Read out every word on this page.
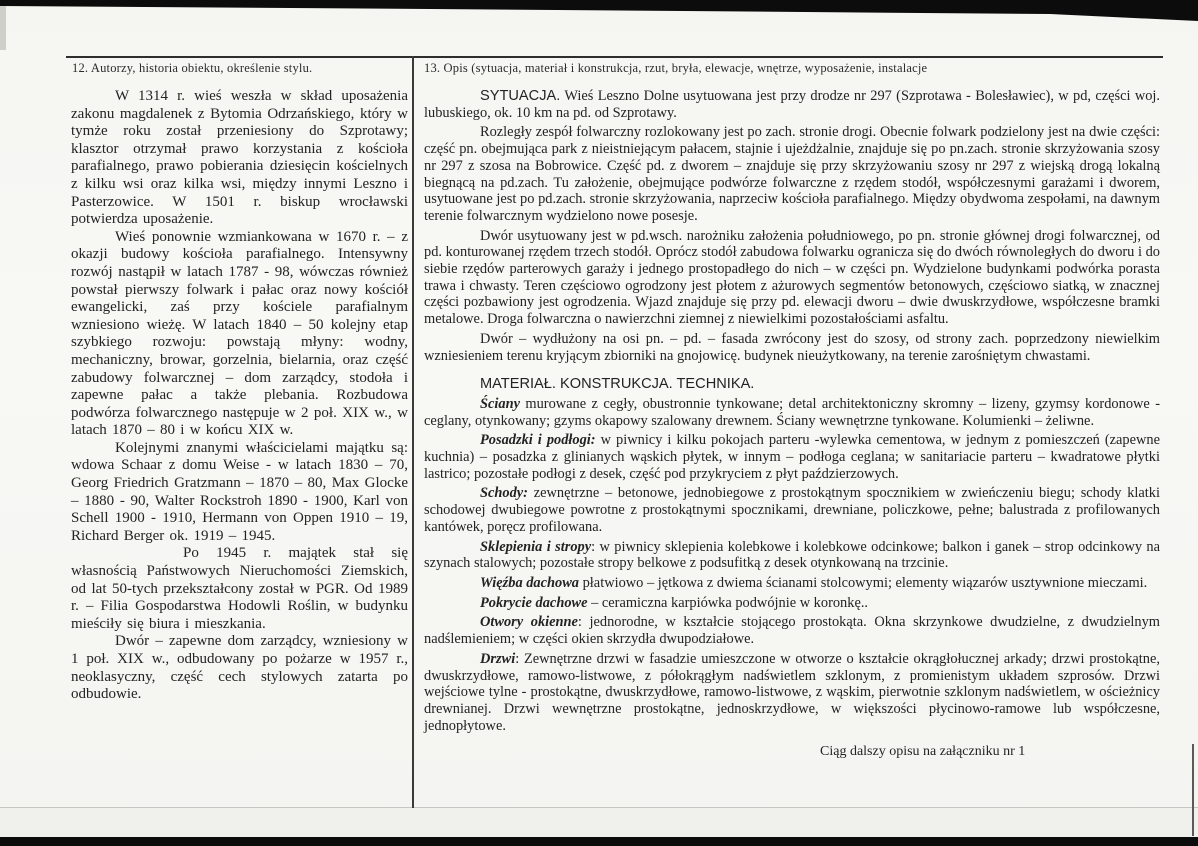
12. Autorzy, historia obiektu, określenie stylu.	13. Opis (sytuacja, materiał i konstrukcja, rzut, bryła, elewacje, wnętrze, wyposażenie, instalacje

W 1314 r. wieś weszła w skład uposażenia zakonu magdalenek z Bytomia Odrzańskiego, który w tymże roku został przeniesiony do Szprotawy; klasztor otrzymał prawo korzystania z kościoła parafialnego, prawo pobierania dziesięcin kościelnych z kilku wsi oraz kilka wsi, między innymi Leszno i Pasterzowice. W 1501 r. biskup wrocławski potwierdza uposażenie.

Wieś ponownie wzmiankowana w 1670 r. – z okazji budowy kościoła parafialnego. Intensywny rozwój nastąpił w latach 1787 - 98, wówczas również powstał pierwszy folwark i pałac oraz nowy kościół ewangelicki, zaś przy kościele parafialnym wzniesiono wieżę. W latach 1840 – 50 kolejny etap szybkiego rozwoju: powstają młyny: wodny, mechaniczny, browar, gorzelnia, bielarnia, oraz część zabudowy folwarcznej – dom zarządcy, stodoła i zapewne pałac a także plebania. Rozbudowa podwórza folwarcznego następuje w 2 poł. XIX w., w latach 1870 – 80 i w końcu XIX w.

Kolejnymi znanymi właścicielami majątku są: wdowa Schaar z domu Weise - w latach 1830 – 70, Georg Friedrich Gratzmann – 1870 – 80, Max Glocke – 1880 - 90, Walter Rockstroh 1890 - 1900, Karl von Schell 1900 - 1910, Hermann von Oppen 1910 – 19, Richard Berger ok. 1919 – 1945.

Po 1945 r. majątek stał się własnością Państwowych Nieruchomości Ziemskich, od lat 50-tych przekształcony został w PGR. Od 1989 r. – Filia Gospodarstwa Hodowli Roślin, w budynku mieściły się biura i mieszkania.

Dwór – zapewne dom zarządcy, wzniesiony w 1 poł. XIX w., odbudowany po pożarze w 1957 r., neoklasyczny, część cech stylowych zatarta po odbudowie.

SYTUACJA. Wieś Leszno Dolne usytuowana jest przy drodze nr 297 (Szprotawa - Bolesławiec), w pd, części woj. lubuskiego, ok. 10 km na pd. od Szprotawy.

Rozległy zespół folwarczny rozlokowany jest po zach. stronie drogi. Obecnie folwark podzielony jest na dwie części: część pn. obejmująca park z nieistniejącym pałacem, stajnie i ujeżdżalnie, znajduje się po pn.zach. stronie skrzyżowania szosy nr 297 z szosa na Bobrowice. Część pd. z dworem – znajduje się przy skrzyżowaniu szosy nr 297 z wiejską drogą lokalną biegnącą na pd.zach. Tu założenie, obejmujące podwórze folwarczne z rzędem stodół, współczesnymi garażami i dworem, usytuowane jest po pd.zach. stronie skrzyżowania, naprzeciw kościoła parafialnego. Między obydwoma zespołami, na dawnym terenie folwarcznym wydzielono nowe posesje.

Dwór usytuowany jest w pd.wsch. narożniku założenia południowego, po pn. stronie głównej drogi folwarcznej, od pd. konturowanej rzędem trzech stodół. Oprócz stodół zabudowa folwarku ogranicza się do dwóch równoległych do dworu i do siebie rzędów parterowych garaży i jednego prostopadłego do nich – w części pn. Wydzielone budynkami podwórka porasta trawa i chwasty. Teren częściowo ogrodzony jest płotem z ażurowych segmentów betonowych, częściowo siatką, w znacznej części pozbawiony jest ogrodzenia. Wjazd znajduje się przy pd. elewacji dworu – dwie dwuskrzydłowe, współczesne bramki metalowe. Droga folwarczna o nawierzchni ziemnej z niewielkimi pozostałościami asfaltu.

Dwór – wydłużony na osi pn. – pd. – fasada zwrócony jest do szosy, od strony zach. poprzedzony niewielkim wzniesieniem terenu kryjącym zbiorniki na gnojowicę. budynek nieużytkowany, na terenie zarośniętym chwastami.

MATERIAŁ. KONSTRUKCJA. TECHNIKA.

Ściany murowane z cegły, obustronnie tynkowane; detal architektoniczny skromny – lizeny, gzymsy kordonowe - ceglany, otynkowany; gzyms okapowy szalowany drewnem. Ściany wewnętrzne tynkowane. Kolumienki – żeliwne.

Posadzki i podłogi: w piwnicy i kilku pokojach parteru -wylewka cementowa, w jednym z pomieszczeń (zapewne kuchnia) – posadzka z glinianych wąskich płytek, w innym – podłoga ceglana; w sanitariacie parteru – kwadratowe płytki lastrico; pozostałe podłogi z desek, część pod przykryciem z płyt paździerzowych.

Schody: zewnętrzne – betonowe, jednobiegowe z prostokątnym spocznikiem w zwieńczeniu biegu; schody klatki schodowej dwubiegowe powrotne z prostokątnymi spocznikami, drewniane, policzkowe, pełne; balustrada z profilowanych kantówek, poręcz profilowana.

Sklepienia i stropy: w piwnicy sklepienia kolebkowe i kolebkowe odcinkowe; balkon i ganek – strop odcinkowy na szynach stalowych; pozostałe stropy belkowe z podsufitką z desek otynkowaną na trzcinie.

Więźba dachowa płatwiowo – jętkowa z dwiema ścianami stolcowymi; elementy wiązarów usztywnione mieczami.

Pokrycie dachowe – ceramiczna karpiówka podwójnie w koronkę..

Otwory okienne: jednorodne, w kształcie stojącego prostokąta. Okna skrzynkowe dwudzielne, z dwudzielnym nadślemieniem; w części okien skrzydła dwupodziałowe.

Drzwi: Zewnętrzne drzwi w fasadzie umieszczone w otworze o kształcie okrągłołucznej arkady; drzwi prostokątne, dwuskrzydłowe, ramowo-listwowe, z półokrągłym nadświetlem szklonym, z promienistym układem szprosów. Drzwi wejściowe tylne - prostokątne, dwuskrzydłowe, ramowo-listwowe, z wąskim, pierwotnie szklonym nadświetlem, w ościeżnicy drewnianej. Drzwi wewnętrzne prostokątne, jednoskrzydłowe, w większości płycinowo-ramowe lub współczesne, jednopłytowe.

Ciąg dalszy opisu na załączniku nr 1
